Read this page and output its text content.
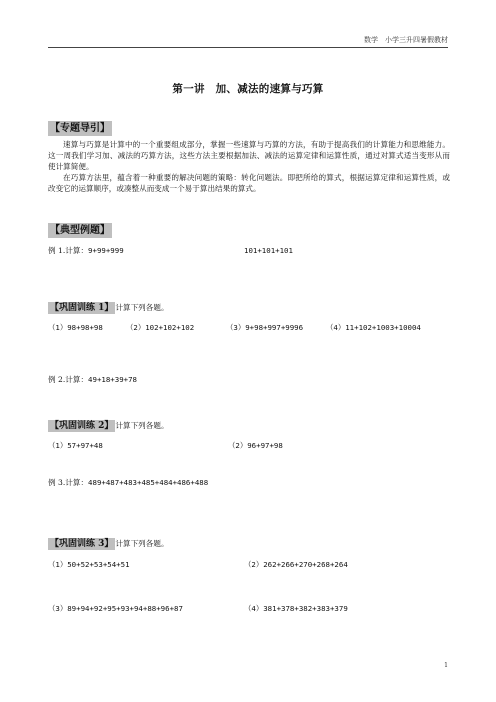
数学　小学三升四暑假教材
第一讲　加、减法的速算与巧算
【专题导引】

速算与巧算是计算中的一个重要组成部分，掌握一些速算与巧算的方法，有助于提高我们的计算能力和思维能力。这一周我们学习加、减法的巧算方法，这些方法主要根据加法、减法的运算定律和运算性质，通过对算式适当变形从而使计算简便。

在巧算方法里，蕴含着一种重要的解决问题的策略：转化问题法。即把所给的算式，根据运算定律和运算性质，或改变它的运算顺序，或凑整从而变成一个易于算出结果的算式。

【典型例题】
例 1.计算：9+99+999	101+101+101
【巩固训练 1】 计算下列各题。
（1）98+98+98	（2）102+102+102	（3）9+98+997+9996	（4）11+102+1003+10004
例 2.计算：49+18+39+78
【巩固训练 2】 计算下列各题。
（1）57+97+48	（2）96+97+98
例 3.计算：489+487+483+485+484+486+488
【巩固训练 3】 计算下列各题。
（1）50+52+53+54+51	（2）262+266+270+268+264
（3）89+94+92+95+93+94+88+96+87	（4）381+378+382+383+379
1
